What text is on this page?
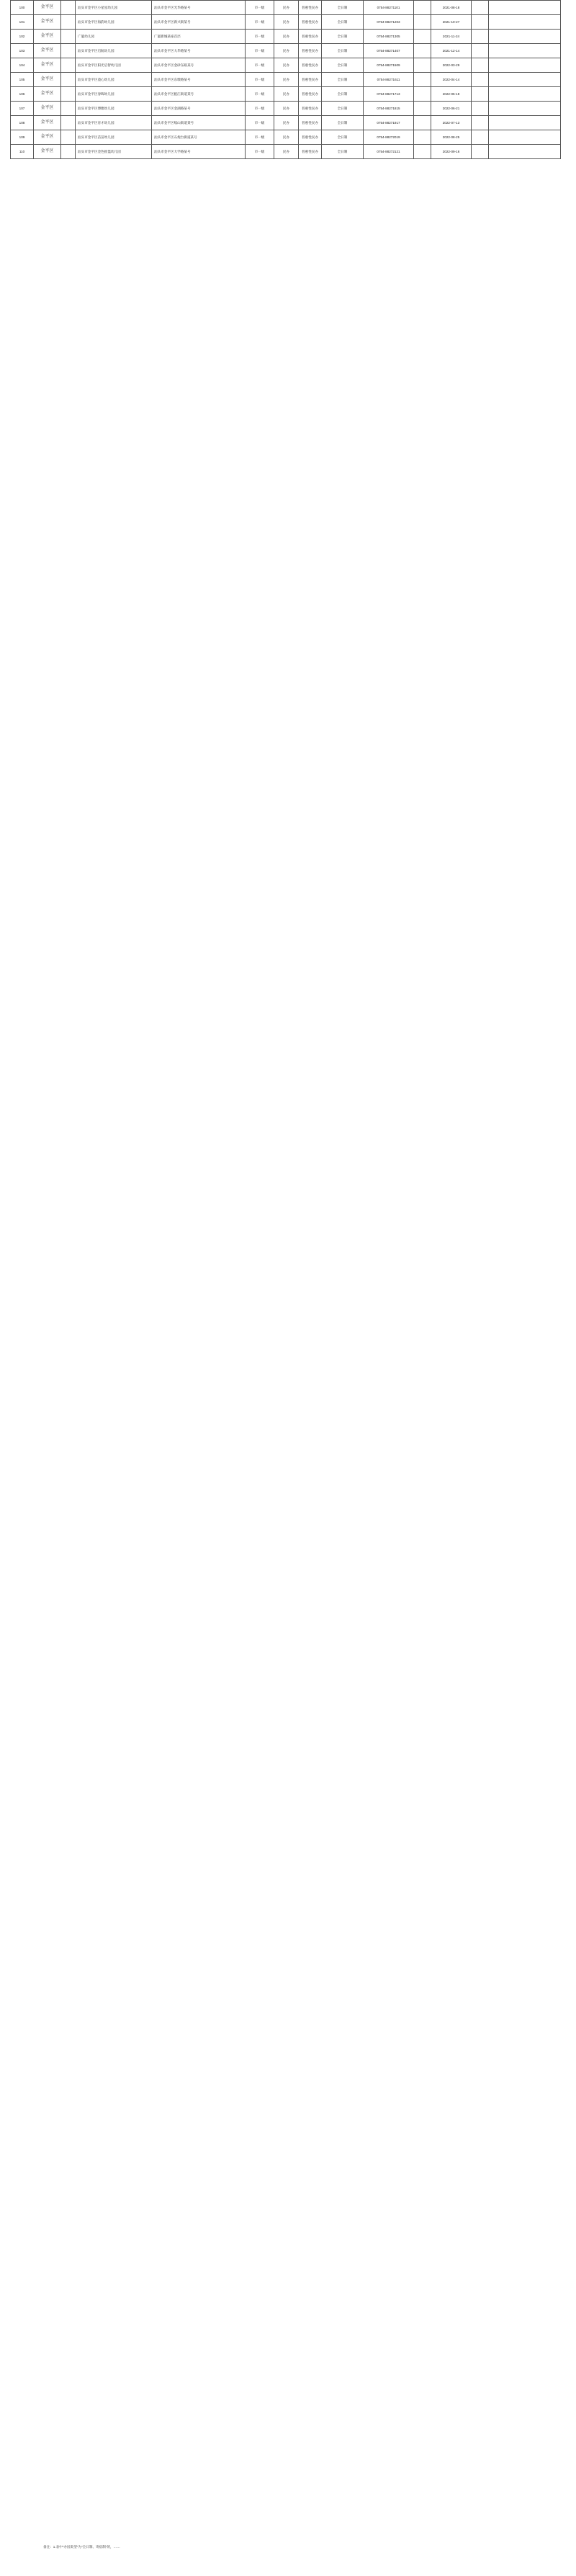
100	金平区		汕头市金平区小星星幼儿园	汕头市金平区光华路某号	市一级	民办	普惠性民办	全日制	0754-88271101		2021-08-18		
101	金平区		汕头市金平区海韵幼儿园	汕头市金平区新兴街某号	市一级	民办	普惠性民办	全日制	0754-88271203		2021-10-27		
102	金平区		广厦幼儿园	广厦新城某座首层	市一级	民办	普惠性民办	全日制	0754-88271305		2021-11-24		
103	金平区		汕头市金平区启航幼儿园	汕头市金平区大华路某号	市一级	民办	普惠性民办	全日制	0754-88271407		2021-12-14		
104	金平区		汕头市金平区阳光启智幼儿园	汕头市金平区金砂东路某号	市一级	民办	普惠性民办	全日制	0754-88271509		2022-03-29		
105	金平区		汕头市金平区童心幼儿园	汕头市金平区东墩路某号	市一级	民办	普惠性民办	全日制	0754-88271611		2022-04-14		
106	金平区		汕头市金平区春晖幼儿园	汕头市金平区鮀江街道某号	市一级	民办	普惠性民办	全日制	0754-88271713		2022-05-18		
107	金平区		汕头市金平区博雅幼儿园	汕头市金平区金湖路某号	市一级	民办	普惠性民办	全日制	0754-88271815		2022-06-21		
108	金平区		汕头市金平区育才幼儿园	汕头市金平区岐山街道某号	市一级	民办	普惠性民办	全日制	0754-88271917		2022-07-13		
109	金平区		汕头市金平区苗苗幼儿园	汕头市金平区石炮台街道某号	市一级	民办	普惠性民办	全日制	0754-88272019		2022-08-25		
110	金平区		汕头市金平区金色摇篮幼儿园	汕头市金平区大学路某号	市一级	民办	普惠性民办	全日制	0754-88272121		2022-09-16		
备注：1.表中"办园类型"为"全日制、寄宿制"的，……
